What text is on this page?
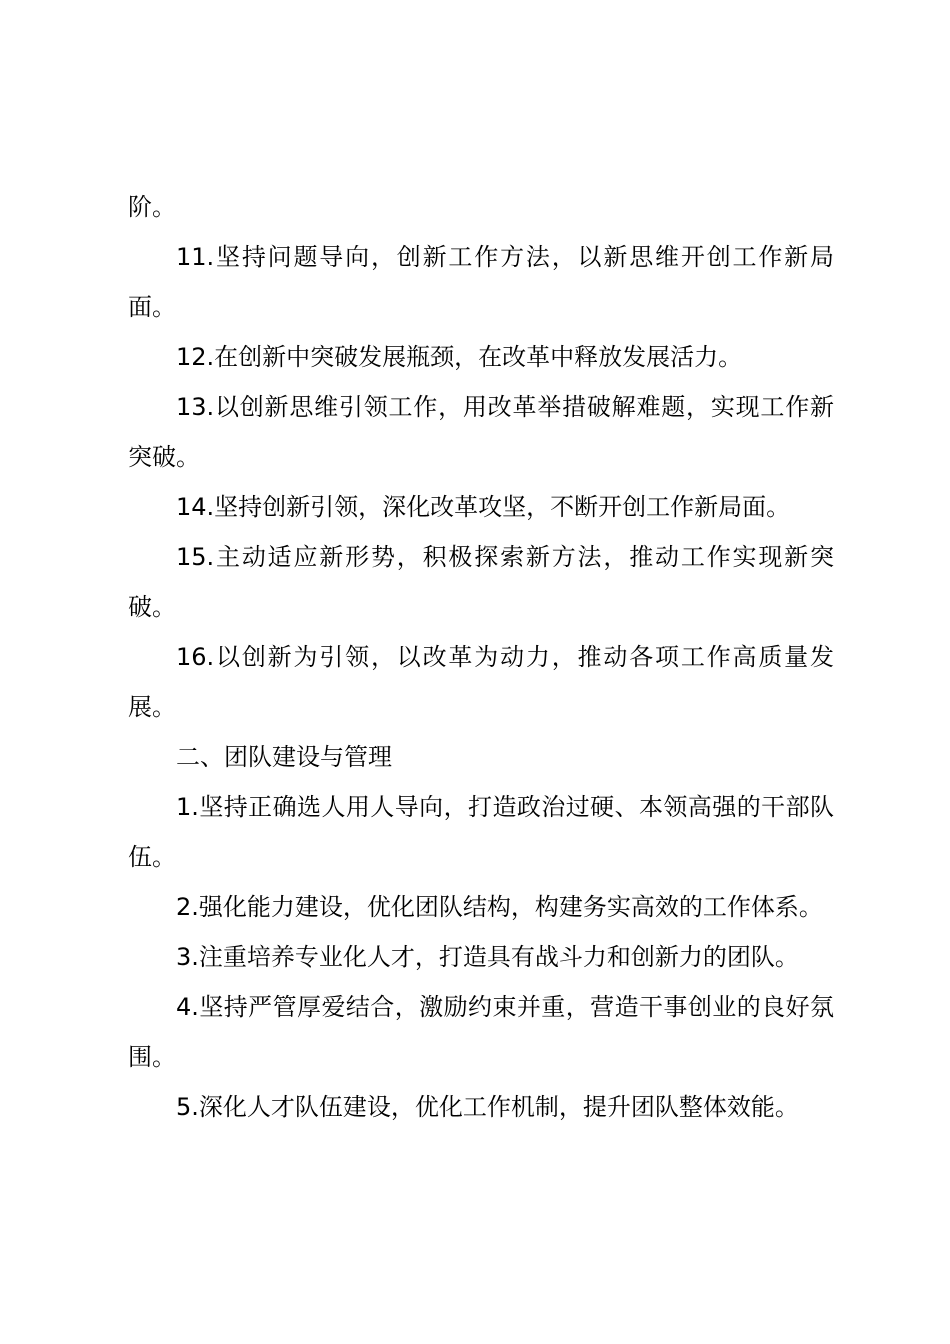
阶。

11.坚持问题导向，创新工作方法，以新思维开创工作新局面。

12.在创新中突破发展瓶颈，在改革中释放发展活力。

13.以创新思维引领工作，用改革举措破解难题，实现工作新突破。

14.坚持创新引领，深化改革攻坚，不断开创工作新局面。

15.主动适应新形势，积极探索新方法，推动工作实现新突破。

16.以创新为引领，以改革为动力，推动各项工作高质量发展。

二、团队建设与管理

1.坚持正确选人用人导向，打造政治过硬、本领高强的干部队伍。

2.强化能力建设，优化团队结构，构建务实高效的工作体系。

3.注重培养专业化人才，打造具有战斗力和创新力的团队。

4.坚持严管厚爱结合，激励约束并重，营造干事创业的良好氛围。

5.深化人才队伍建设，优化工作机制，提升团队整体效能。
